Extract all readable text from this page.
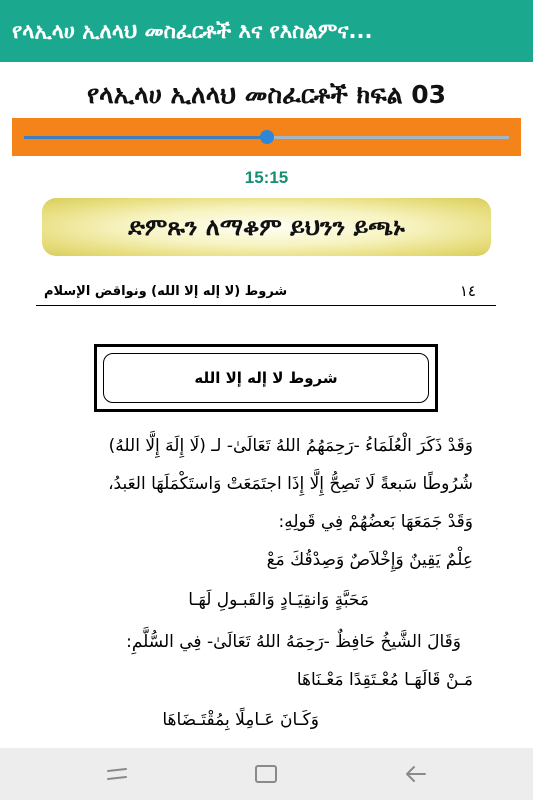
የላኢላሀ ኢለላህ መስፈርቶች እና የእስልምና...
የላኢላሀ ኢለላህ መስፈርቶች ክፍል 03
15:15
ድምጹን ለማቆም ይህንን ይጫኑ
شروط (لا إله إلا الله) ونواقض الإسلام	١٤
شروط لا إله إلا الله
وَقَدْ ذَكَرَ الْعُلَمَاءُ -رَحِمَهُمُ اللهُ تَعَالَىٰ- لـ (لَا إِلَهَ إِلَّا اللهُ)
شُرُوطًا سَبعةً لَا تَصِحُّ إِلَّا إِذَا اجتَمَعَتْ وَاستَكْمَلَهَا العَبدُ،
وَقَدْ جَمَعَهَا بَعضُهُمْ فِي قَولِهِ:
عِلْمٌ يَقِينٌ وَإِخْلاَصٌ وَصِدْقُكَ مَعْ
مَحَبَّةٍ وَانقِيَـادٍ وَالقَبـولِ لَهَـا
وَقَالَ الشَّيخُ حَافِظٌ -رَحِمَهُ اللهُ تَعَالَىٰ- فِي السُّلَّمِ:
مَـنْ قَالَهَـا مُعْـتَقِدًا مَعْـنَاهَا
وَكَـانَ عَـامِلًا بِمُقْتَـضَاهَا
